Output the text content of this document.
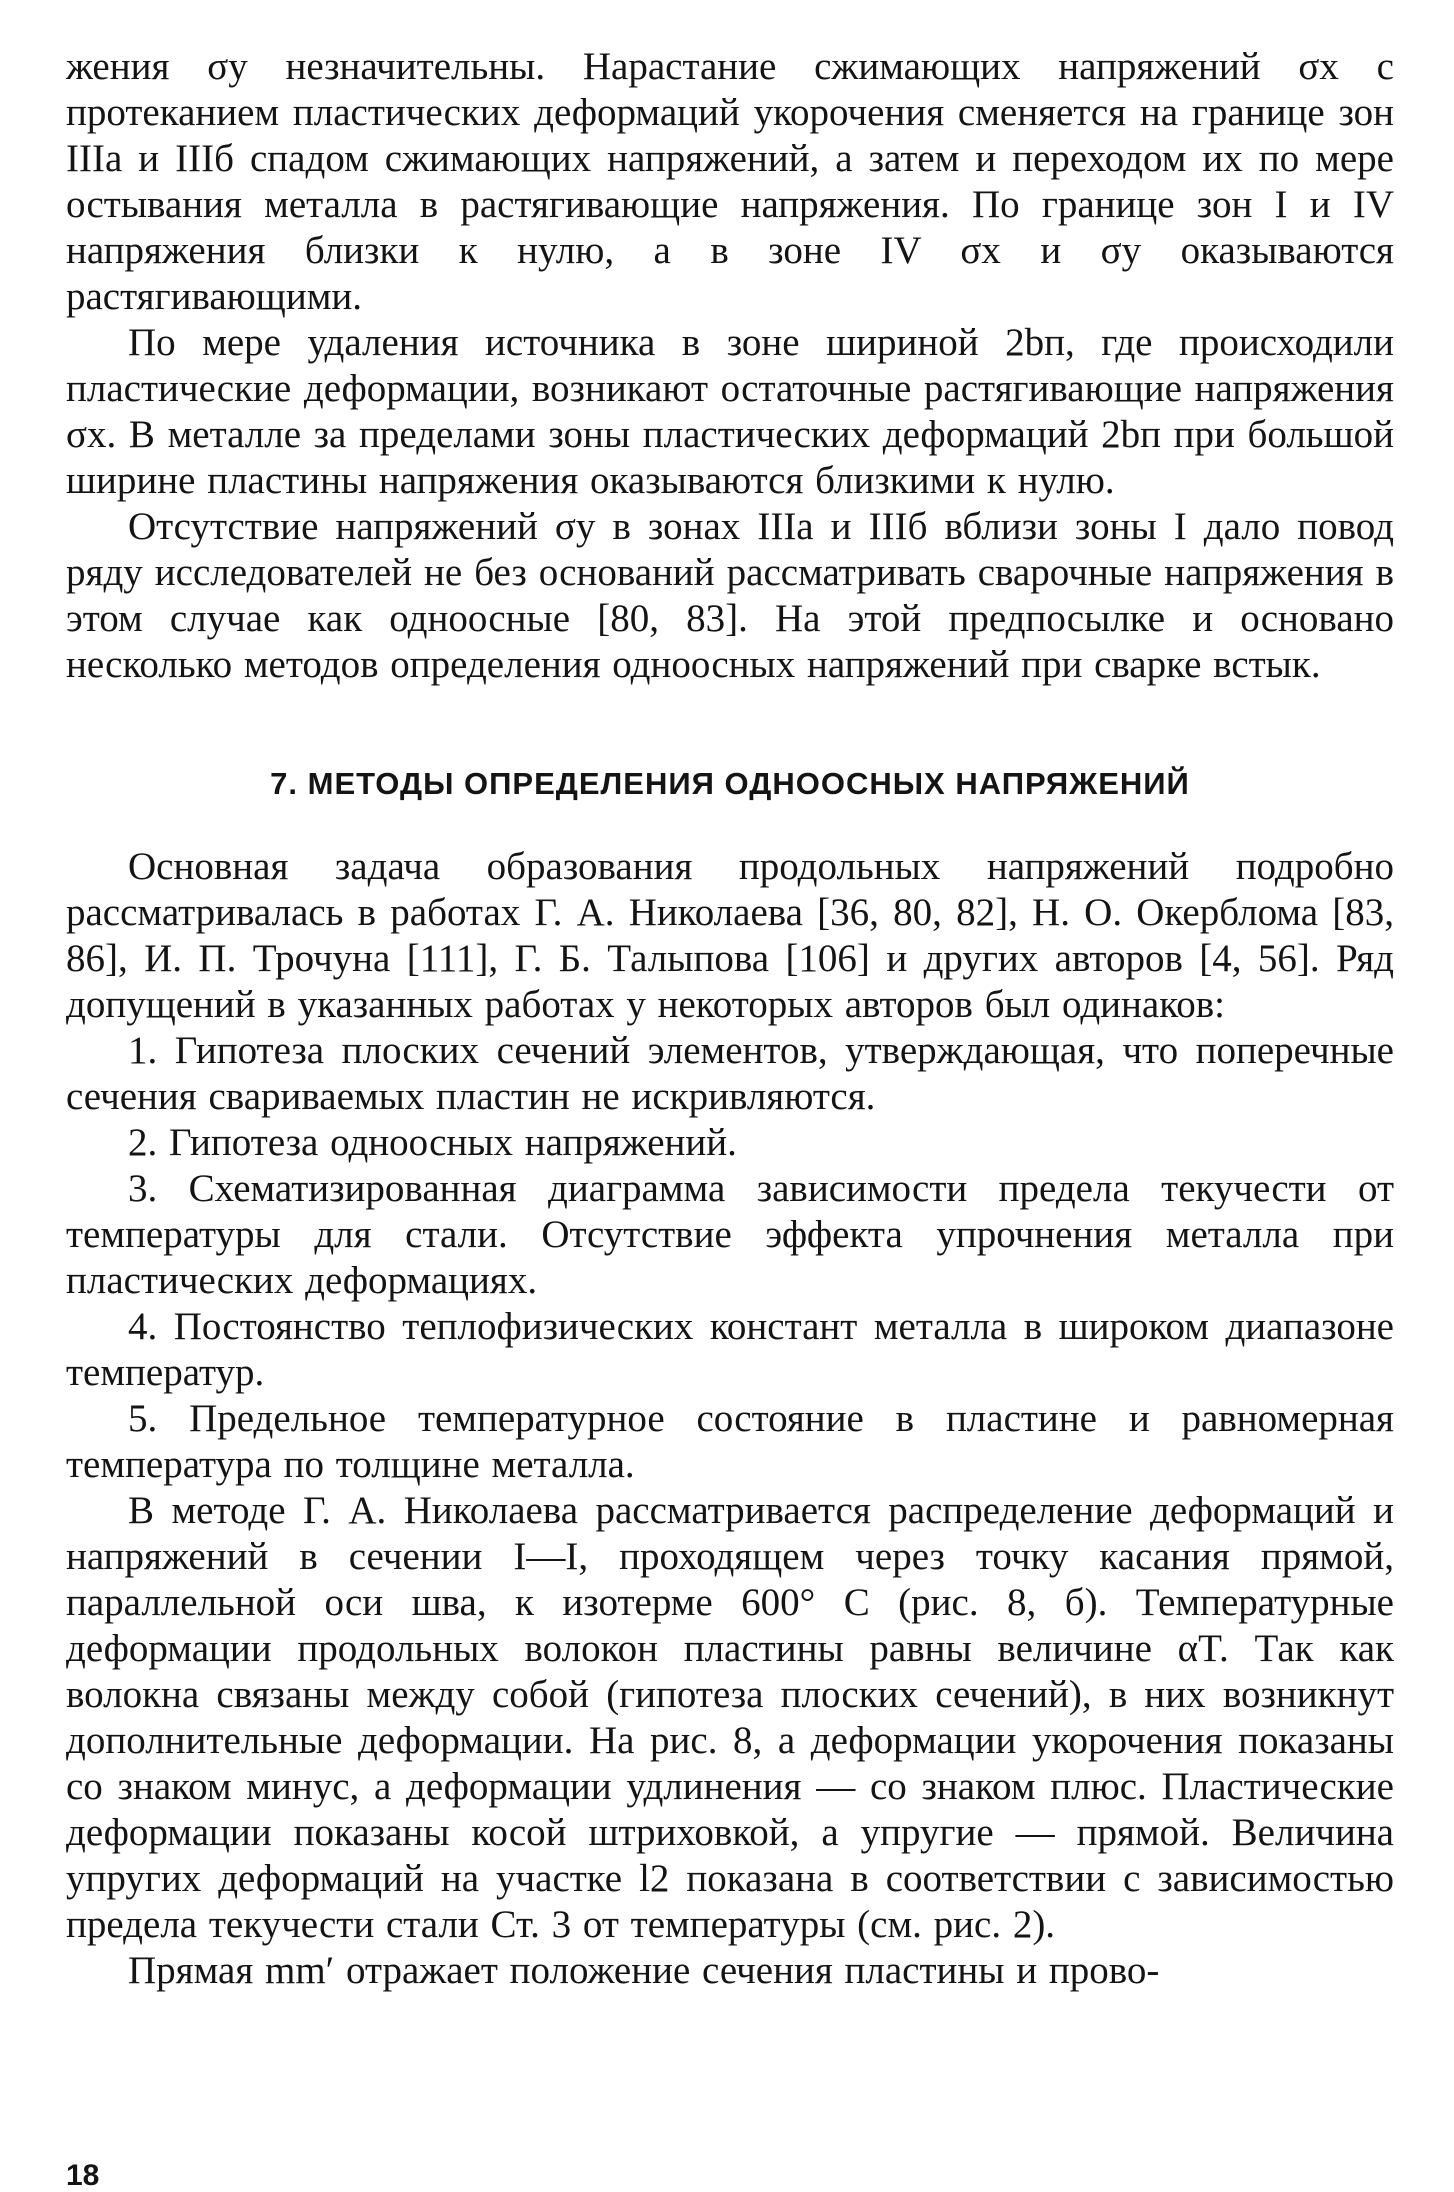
жения σy незначительны. Нарастание сжимающих напряжений σx с протеканием пластических деформаций укорочения сменяется на границе зон IIIа и IIIб спадом сжимающих напряжений, а затем и переходом их по мере остывания металла в растягивающие напряжения. По границе зон I и IV напряжения близки к нулю, а в зоне IV σx и σy оказываются растягивающими.

По мере удаления источника в зоне шириной 2bп, где происходили пластические деформации, возникают остаточные растягивающие напряжения σx. В металле за пределами зоны пластических деформаций 2bп при большой ширине пластины напряжения оказываются близкими к нулю.

Отсутствие напряжений σy в зонах IIIа и IIIб вблизи зоны I дало повод ряду исследователей не без оснований рассматривать сварочные напряжения в этом случае как одноосные [80, 83]. На этой предпосылке и основано несколько методов определения одноосных напряжений при сварке встык.

7. МЕТОДЫ ОПРЕДЕЛЕНИЯ ОДНООСНЫХ НАПРЯЖЕНИЙ

Основная задача образования продольных напряжений подробно рассматривалась в работах Г. А. Николаева [36, 80, 82], Н. О. Окерблома [83, 86], И. П. Трочуна [111], Г. Б. Талыпова [106] и других авторов [4, 56]. Ряд допущений в указанных работах у некоторых авторов был одинаков:

1. Гипотеза плоских сечений элементов, утверждающая, что поперечные сечения свариваемых пластин не искривляются.

2. Гипотеза одноосных напряжений.

3. Схематизированная диаграмма зависимости предела текучести от температуры для стали. Отсутствие эффекта упрочнения металла при пластических деформациях.

4. Постоянство теплофизических констант металла в широком диапазоне температур.

5. Предельное температурное состояние в пластине и равномерная температура по толщине металла.

В методе Г. А. Николаева рассматривается распределение деформаций и напряжений в сечении I—I, проходящем через точку касания прямой, параллельной оси шва, к изотерме 600° С (рис. 8, б). Температурные деформации продольных волокон пластины равны величине αT. Так как волокна связаны между собой (гипотеза плоских сечений), в них возникнут дополнительные деформации. На рис. 8, а деформации укорочения показаны со знаком минус, а деформации удлинения — со знаком плюс. Пластические деформации показаны косой штриховкой, а упругие — прямой. Величина упругих деформаций на участке l2 показана в соответствии с зависимостью предела текучести стали Ст. 3 от температуры (см. рис. 2).

Прямая mm′ отражает положение сечения пластины и прово-

18
